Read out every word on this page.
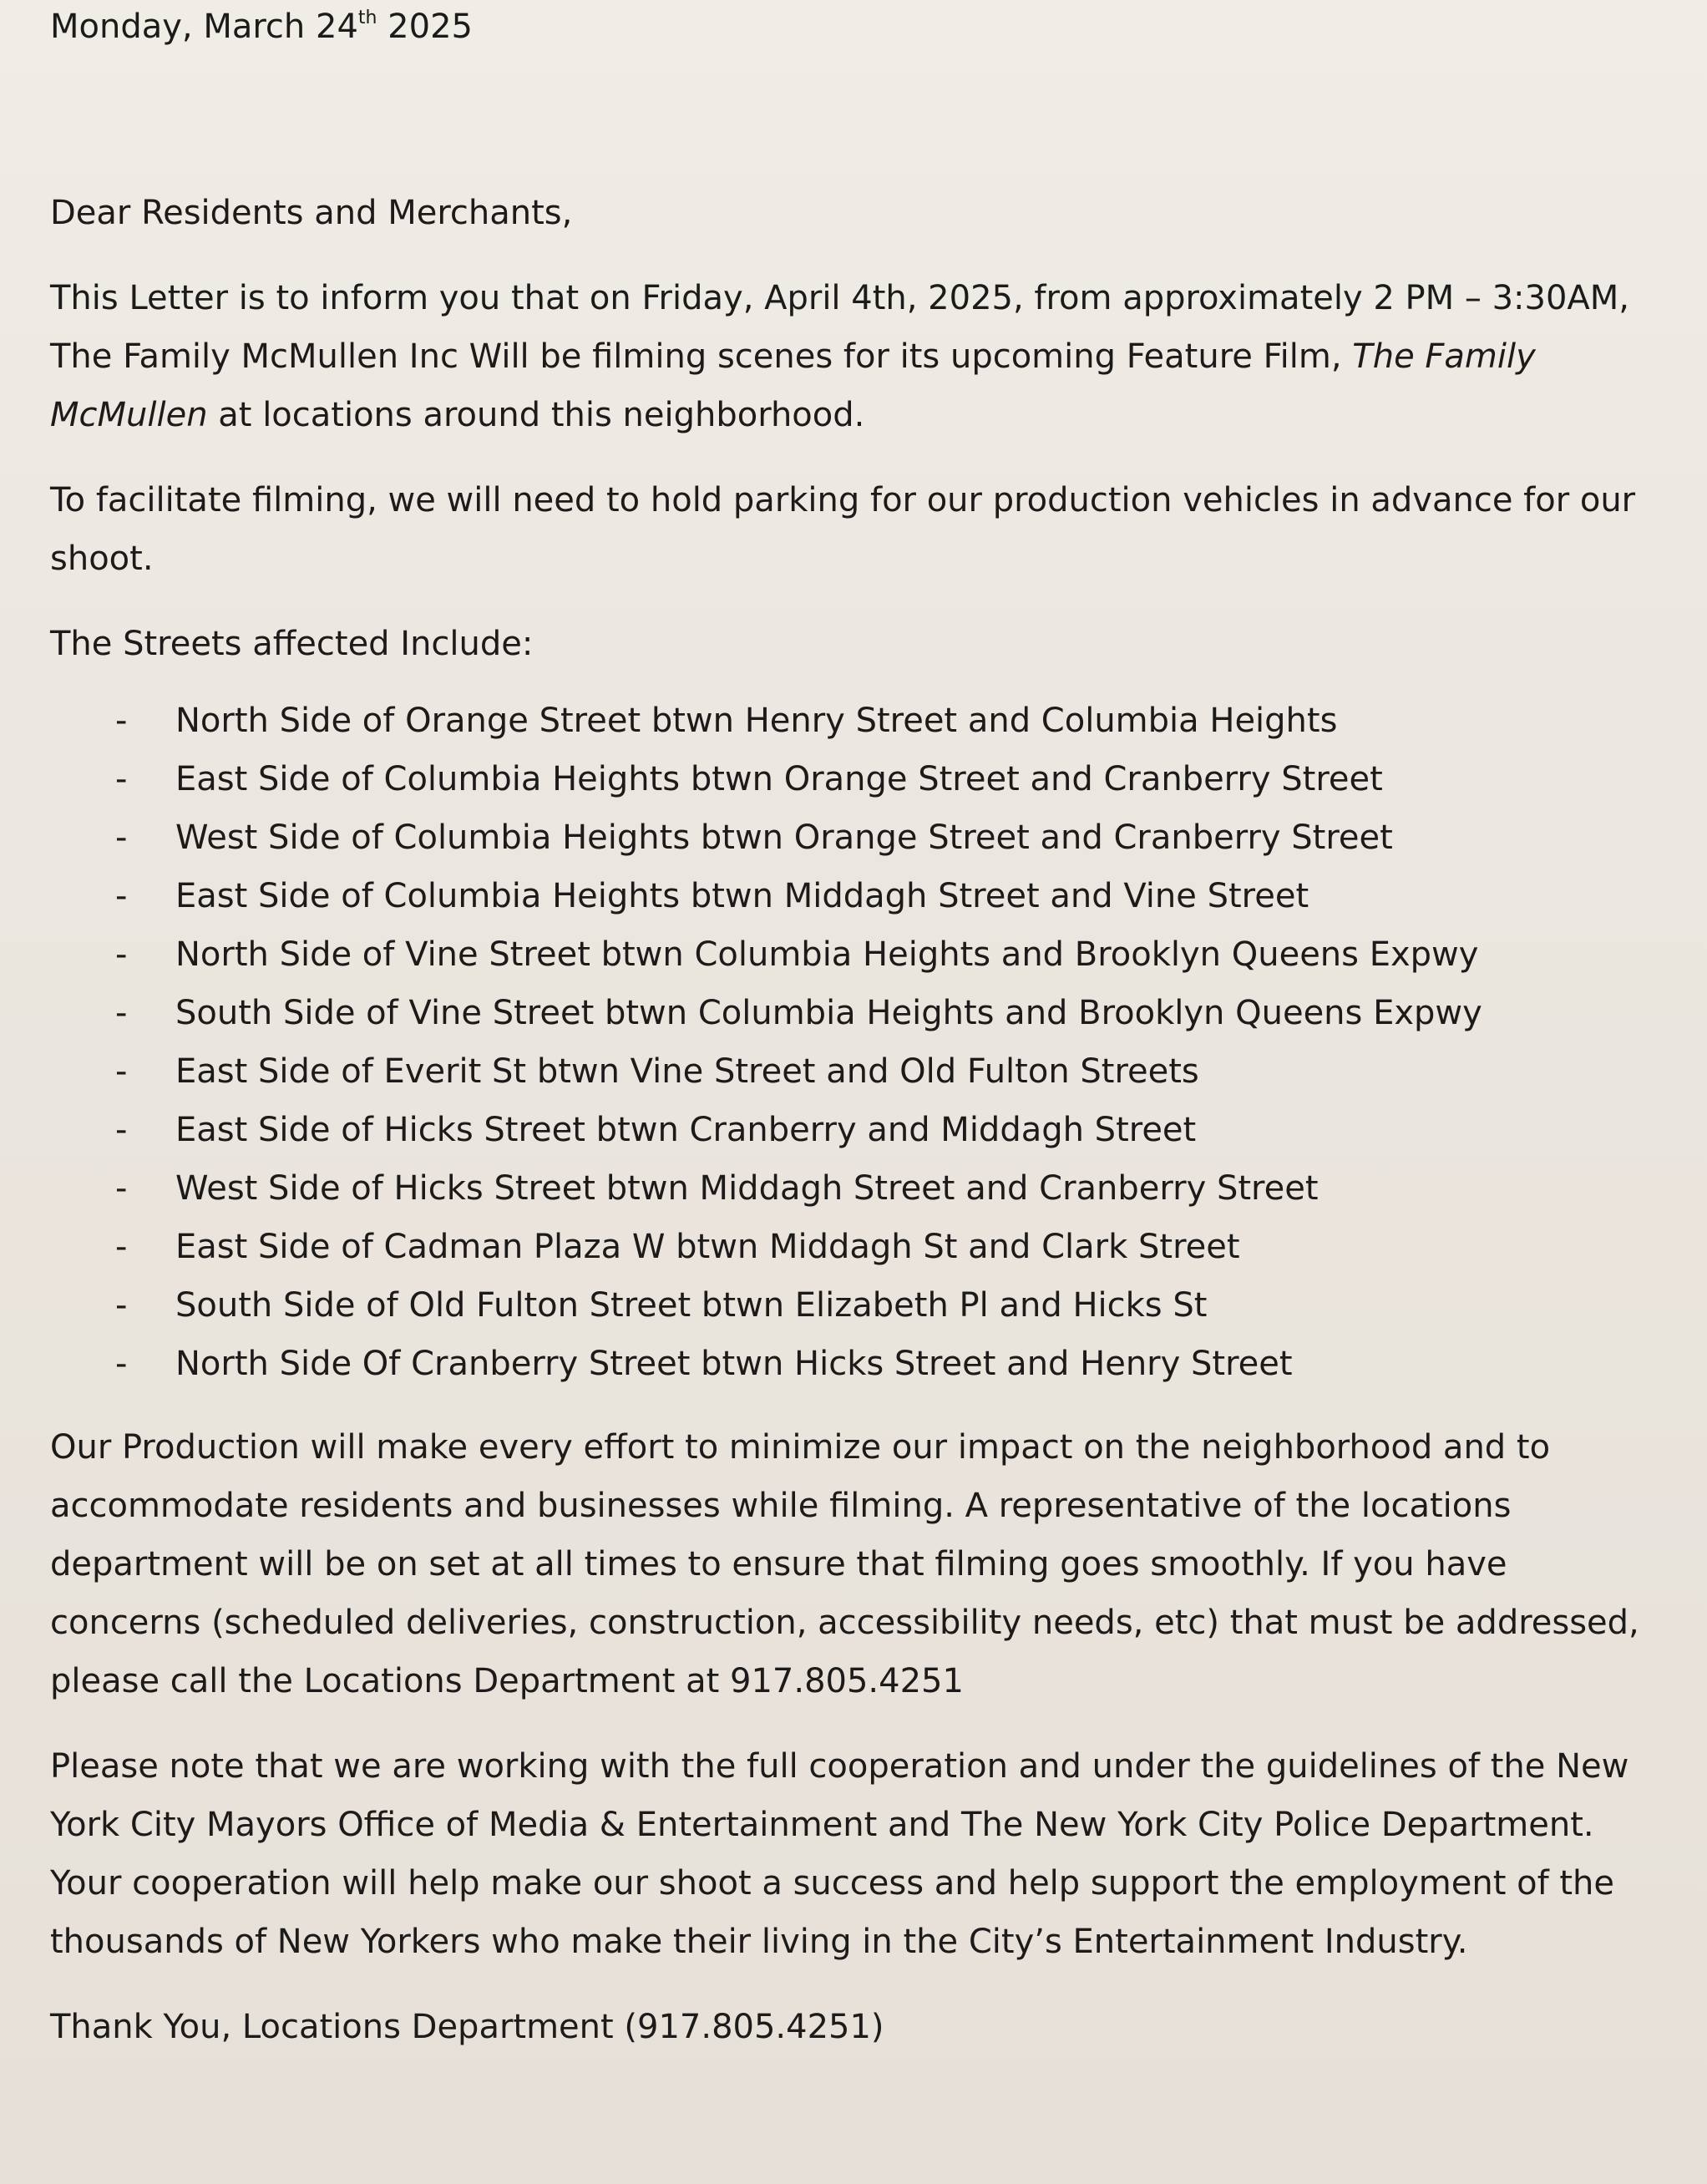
Monday, March 24th 2025

Dear Residents and Merchants,

This Letter is to inform you that on Friday, April 4th, 2025, from approximately 2 PM – 3:30AM, The Family McMullen Inc Will be filming scenes for its upcoming Feature Film, The Family McMullen at locations around this neighborhood.

To facilitate filming, we will need to hold parking for our production vehicles in advance for our shoot.

The Streets affected Include:

- North Side of Orange Street btwn Henry Street and Columbia Heights
- East Side of Columbia Heights btwn Orange Street and Cranberry Street
- West Side of Columbia Heights btwn Orange Street and Cranberry Street
- East Side of Columbia Heights btwn Middagh Street and Vine Street
- North Side of Vine Street btwn Columbia Heights and Brooklyn Queens Expwy
- South Side of Vine Street btwn Columbia Heights and Brooklyn Queens Expwy
- East Side of Everit St btwn Vine Street and Old Fulton Streets
- East Side of Hicks Street btwn Cranberry and Middagh Street
- West Side of Hicks Street btwn Middagh Street and Cranberry Street
- East Side of Cadman Plaza W btwn Middagh St and Clark Street
- South Side of Old Fulton Street btwn Elizabeth Pl and Hicks St
- North Side Of Cranberry Street btwn Hicks Street and Henry Street

Our Production will make every effort to minimize our impact on the neighborhood and to accommodate residents and businesses while filming. A representative of the locations department will be on set at all times to ensure that filming goes smoothly. If you have concerns (scheduled deliveries, construction, accessibility needs, etc) that must be addressed, please call the Locations Department at 917.805.4251

Please note that we are working with the full cooperation and under the guidelines of the New York City Mayors Office of Media & Entertainment and The New York City Police Department. Your cooperation will help make our shoot a success and help support the employment of the thousands of New Yorkers who make their living in the City’s Entertainment Industry.

Thank You, Locations Department (917.805.4251)
